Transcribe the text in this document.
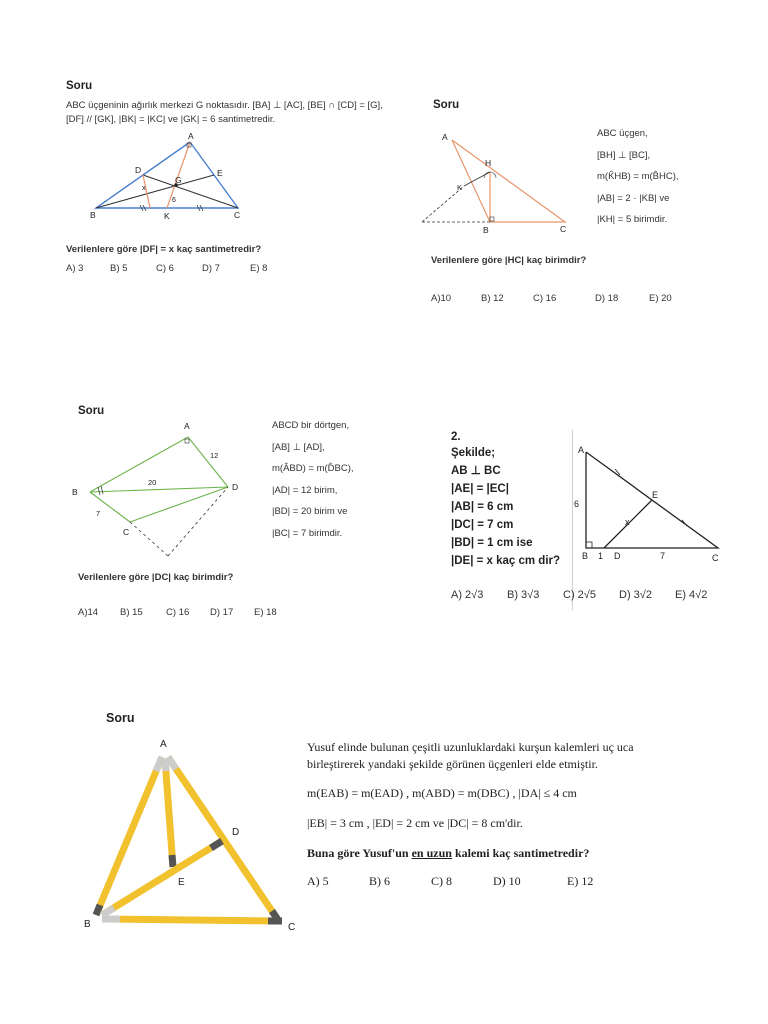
Soru
ABC üçgeninin ağırlık merkezi G noktasıdır. [BA] ⊥ [AC], [BE] ∩ [CD] = [G],
[DF] // [GK], |BK| = |KC| ve |GK| = 6 santimetredir.
A
B	C
D	E
G
K
x
6
Verilenlere göre |DF| = x kaç santimetredir?
A) 3	B) 5	C) 6	D) 7	E) 8
Soru
A
B	C
H
K
ABC üçgen,
[BH] ⊥ [BC],
m(K̂HB) = m(B̂HC),
|AB| = 2 · |KB| ve
|KH| = 5 birimdir.
Verilenlere göre |HC| kaç birimdir?
A)10	B) 12	C) 16	D) 18	E) 20
Soru
A
B
C
D
12
20
7
ABCD bir dörtgen,
[AB] ⊥ [AD],
m(ÂBD) = m(D̂BC),
|AD| = 12 birim,
|BD| = 20 birim ve
|BC| = 7 birimdir.
Verilenlere göre |DC| kaç birimdir?
A)14 B) 15 C) 16 D) 17 E) 18
2.
Şekilde;
AB ⊥ BC
|AE| = |EC|
|AB| = 6 cm
|DC| = 7 cm
|BD| = 1 cm ise
|DE| = x kaç cm dir?
A
B	C
D
E
x
6
1	7
A) 2√3 B) 3√3 C) 2√5 D) 3√2 E) 4√2
Soru
A
B	C
D
E
Yusuf elinde bulunan çeşitli uzunluklardaki kurşun kalemleri uç uca
birleştirerek yandaki şekilde görünen üçgenleri elde etmiştir.
m(EAB) = m(EAD) , m(ABD) = m(DBC) , |DA| ≤ 4 cm
|EB| = 3 cm , |ED| = 2 cm ve |DC| = 8 cm'dir.
Buna göre Yusuf'un en uzun kalemi kaç santimetredir?
A) 5	B) 6	C) 8	D) 10	E) 12
